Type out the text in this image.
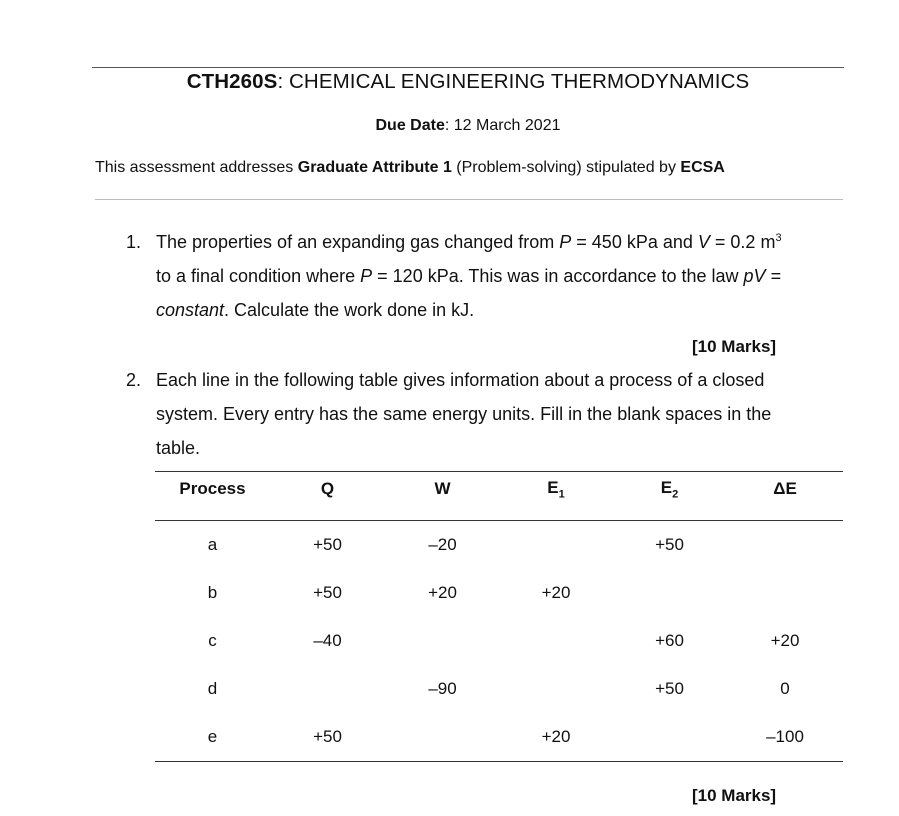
CTH260S: CHEMICAL ENGINEERING THERMODYNAMICS
Due Date: 12 March 2021
This assessment addresses Graduate Attribute 1 (Problem-solving) stipulated by ECSA
1. The properties of an expanding gas changed from P = 450 kPa and V = 0.2 $m^3$
to a final condition where P = 120 kPa. This was in accordance to the law pV =
constant. Calculate the work done in kJ.
[10 Marks]
2. Each line in the following table gives information about a process of a closed
system. Every entry has the same energy units. Fill in the blank spaces in the
table.
Process	Q	W	$E_1$	$E_2$	ΔE

a	+50	–20		+50	
b	+50	+20	+20		
c	–40			+60	+20
d		–90		+50	0
e	+50		+20		–100
[10 Marks]
